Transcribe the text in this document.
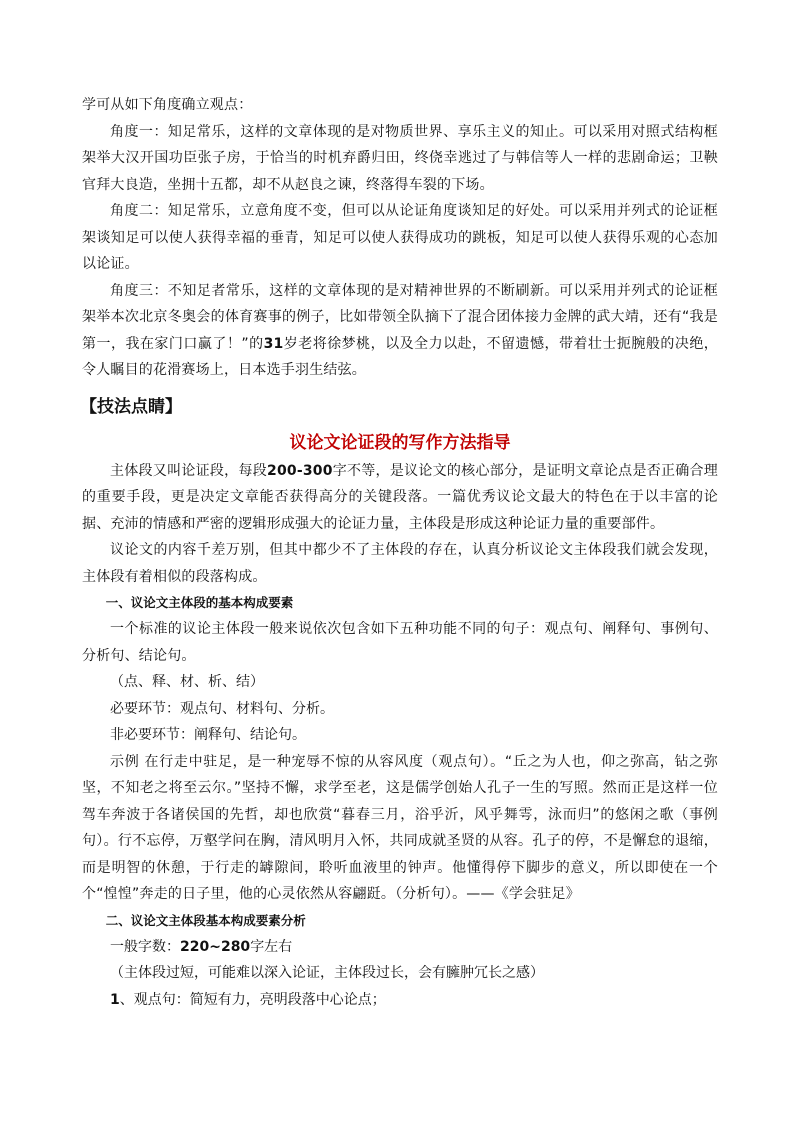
学可从如下角度确立观点：

角度一：知足常乐，这样的文章体现的是对物质世界、享乐主义的知止。可以采用对照式结构框架举大汉开国功臣张子房，于恰当的时机弃爵归田，终侥幸逃过了与韩信等人一样的悲剧命运；卫鞅官拜大良造，坐拥十五都，却不从赵良之谏，终落得车裂的下场。

角度二：知足常乐，立意角度不变，但可以从论证角度谈知足的好处。可以采用并列式的论证框架谈知足可以使人获得幸福的垂青，知足可以使人获得成功的跳板，知足可以使人获得乐观的心态加以论证。

角度三：不知足者常乐，这样的文章体现的是对精神世界的不断刷新。可以采用并列式的论证框架举本次北京冬奥会的体育赛事的例子，比如带领全队摘下了混合团体接力金牌的武大靖，还有“我是第一，我在家门口赢了！”的31岁老将徐梦桃，以及全力以赴，不留遗憾，带着壮士扼腕般的决绝，令人瞩目的花滑赛场上，日本选手羽生结弦。

【技法点睛】
议论文论证段的写作方法指导

主体段又叫论证段，每段200-300字不等，是议论文的核心部分，是证明文章论点是否正确合理的重要手段，更是决定文章能否获得高分的关键段落。一篇优秀议论文最大的特色在于以丰富的论据、充沛的情感和严密的逻辑形成强大的论证力量，主体段是形成这种论证力量的重要部件。

议论文的内容千差万别，但其中都少不了主体段的存在，认真分析议论文主体段我们就会发现，主体段有着相似的段落构成。

一、议论文主体段的基本构成要素

一个标准的议论主体段一般来说依次包含如下五种功能不同的句子：观点句、阐释句、事例句、分析句、结论句。

（点、释、材、析、结）

必要环节：观点句、材料句、分析。

非必要环节：阐释句、结论句。

示例 在行走中驻足，是一种宠辱不惊的从容风度（观点句）。“丘之为人也，仰之弥高，钻之弥坚，不知老之将至云尔。”坚持不懈，求学至老，这是儒学创始人孔子一生的写照。然而正是这样一位驾车奔波于各诸侯国的先哲，却也欣赏“暮春三月，浴乎沂，风乎舞雩，泳而归”的悠闲之歌（事例句）。行不忘停，万壑学问在胸，清风明月入怀，共同成就圣贤的从容。孔子的停，不是懈怠的退缩，而是明智的休憩，于行走的罅隙间，聆听血液里的钟声。他懂得停下脚步的意义，所以即使在一个个“惶惶”奔走的日子里，他的心灵依然从容翩跹。（分析句）。——《学会驻足》

二、议论文主体段基本构成要素分析

一般字数：220~280字左右

（主体段过短，可能难以深入论证，主体段过长，会有臃肿冗长之感）

1、观点句：简短有力，亮明段落中心论点；
